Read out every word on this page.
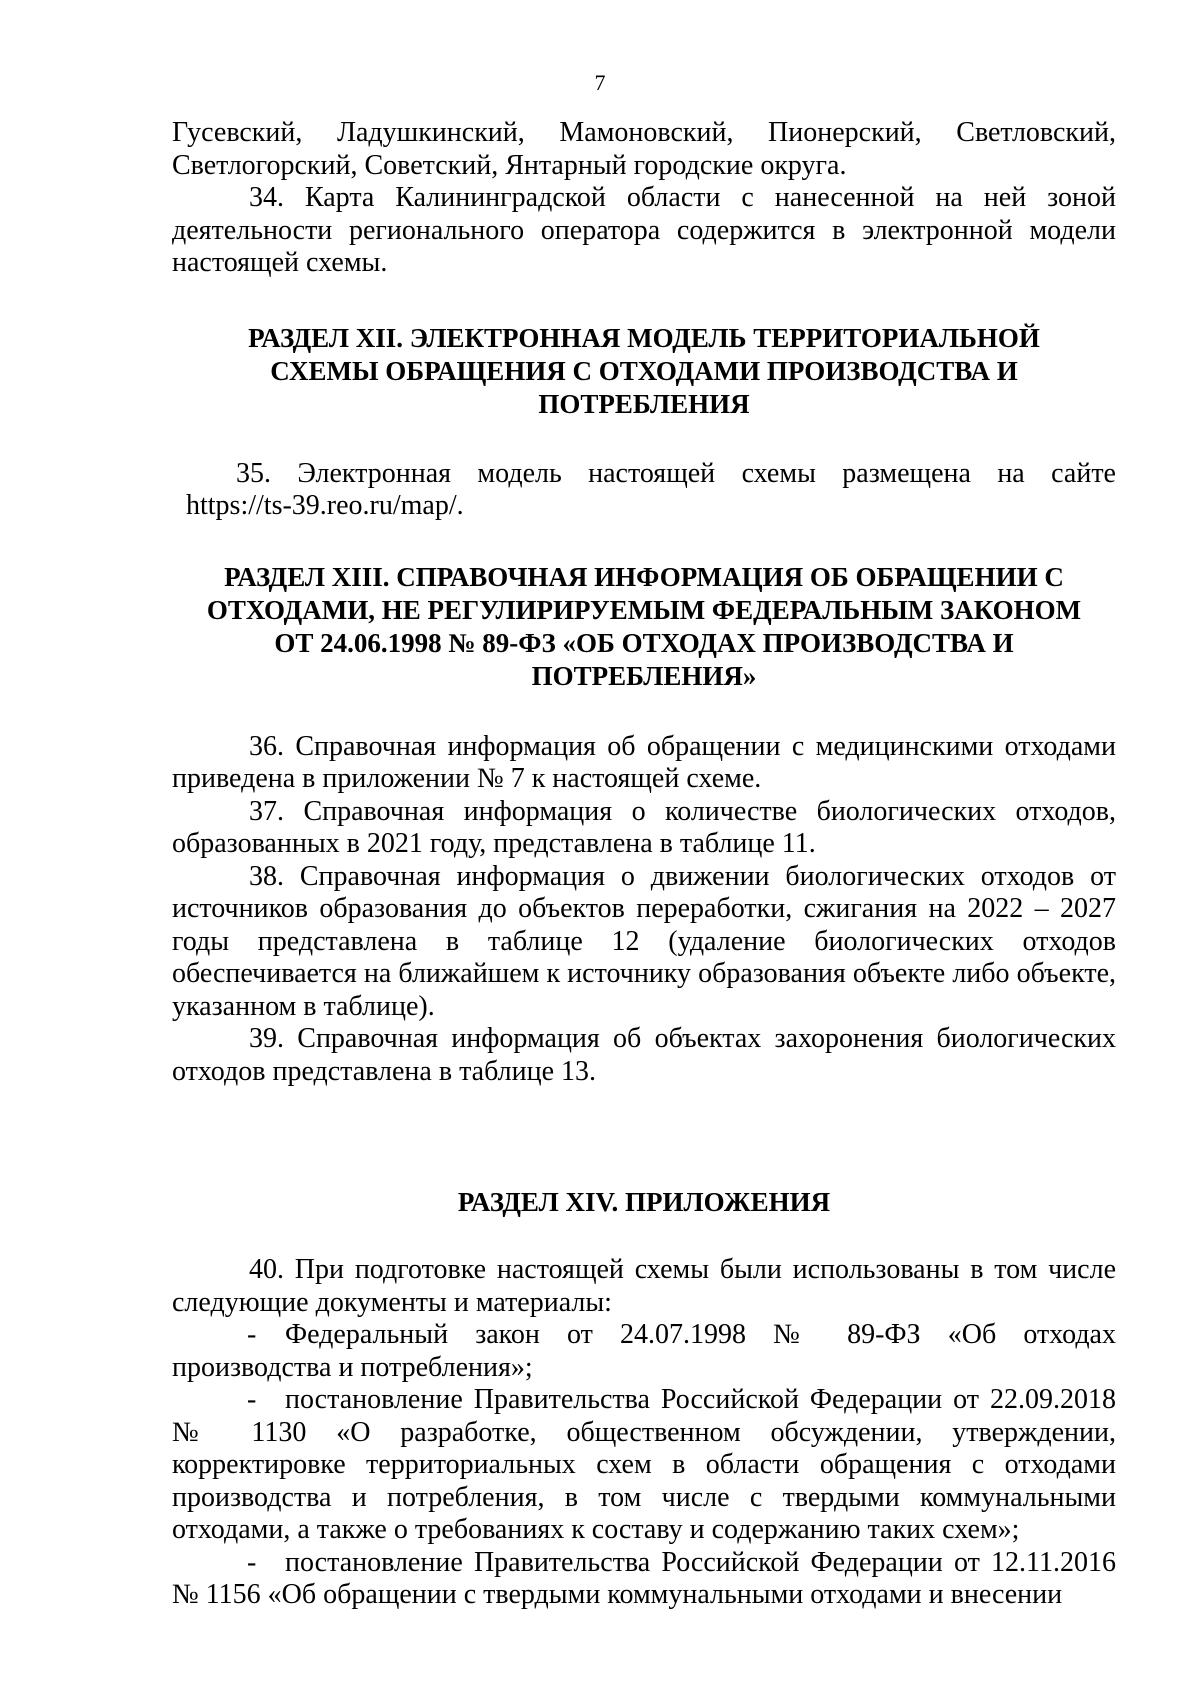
7

Гусевский, Ладушкинский, Мамоновский, Пионерский, Светловский,

Светлогорский, Советский, Янтарный городские округа.

34. Карта Калининградской области с нанесенной на ней зоной деятельности регионального оператора содержится в электронной модели настоящей схемы.

РАЗДЕЛ XII. ЭЛЕКТРОННАЯ МОДЕЛЬ ТЕРРИТОРИАЛЬНОЙ
СХЕМЫ ОБРАЩЕНИЯ С ОТХОДАМИ ПРОИЗВОДСТВА И
ПОТРЕБЛЕНИЯ

35. Электронная модель настоящей схемы размещена на сайте

https://ts-39.reo.ru/map/.

РАЗДЕЛ XIII. СПРАВОЧНАЯ ИНФОРМАЦИЯ ОБ ОБРАЩЕНИИ С
ОТХОДАМИ, НЕ РЕГУЛИРИРУЕМЫМ ФЕДЕРАЛЬНЫМ ЗАКОНОМ
ОТ 24.06.1998 № 89-ФЗ «ОБ ОТХОДАХ ПРОИЗВОДСТВА И
ПОТРЕБЛЕНИЯ»

36. Справочная информация об обращении с медицинскими отходами приведена в приложении № 7 к настоящей схеме.

37. Справочная информация о количестве биологических отходов, образованных в 2021 году, представлена в таблице 11.

38. Справочная информация о движении биологических отходов от источников образования до объектов переработки, сжигания на 2022 – 2027 годы представлена в таблице 12 (удаление биологических отходов обеспечивается на ближайшем к источнику образования объекте либо объекте, указанном в таблице).

39. Справочная информация об объектах захоронения биологических отходов представлена в таблице 13.

РАЗДЕЛ XIV. ПРИЛОЖЕНИЯ

40. При подготовке настоящей схемы были использованы в том числе следующие документы и материалы:

- Федеральный закон от 24.07.1998 № 89-ФЗ «Об отходах производства и потребления»;

- постановление Правительства Российской Федерации от 22.09.2018 № 1130 «О разработке, общественном обсуждении, утверждении, корректировке территориальных схем в области обращения с отходами производства и потребления, в том числе с твердыми коммунальными отходами, а также о требованиях к составу и содержанию таких схем»;

- постановление Правительства Российской Федерации от 12.11.2016 № 1156 «Об обращении с твердыми коммунальными отходами и внесении
